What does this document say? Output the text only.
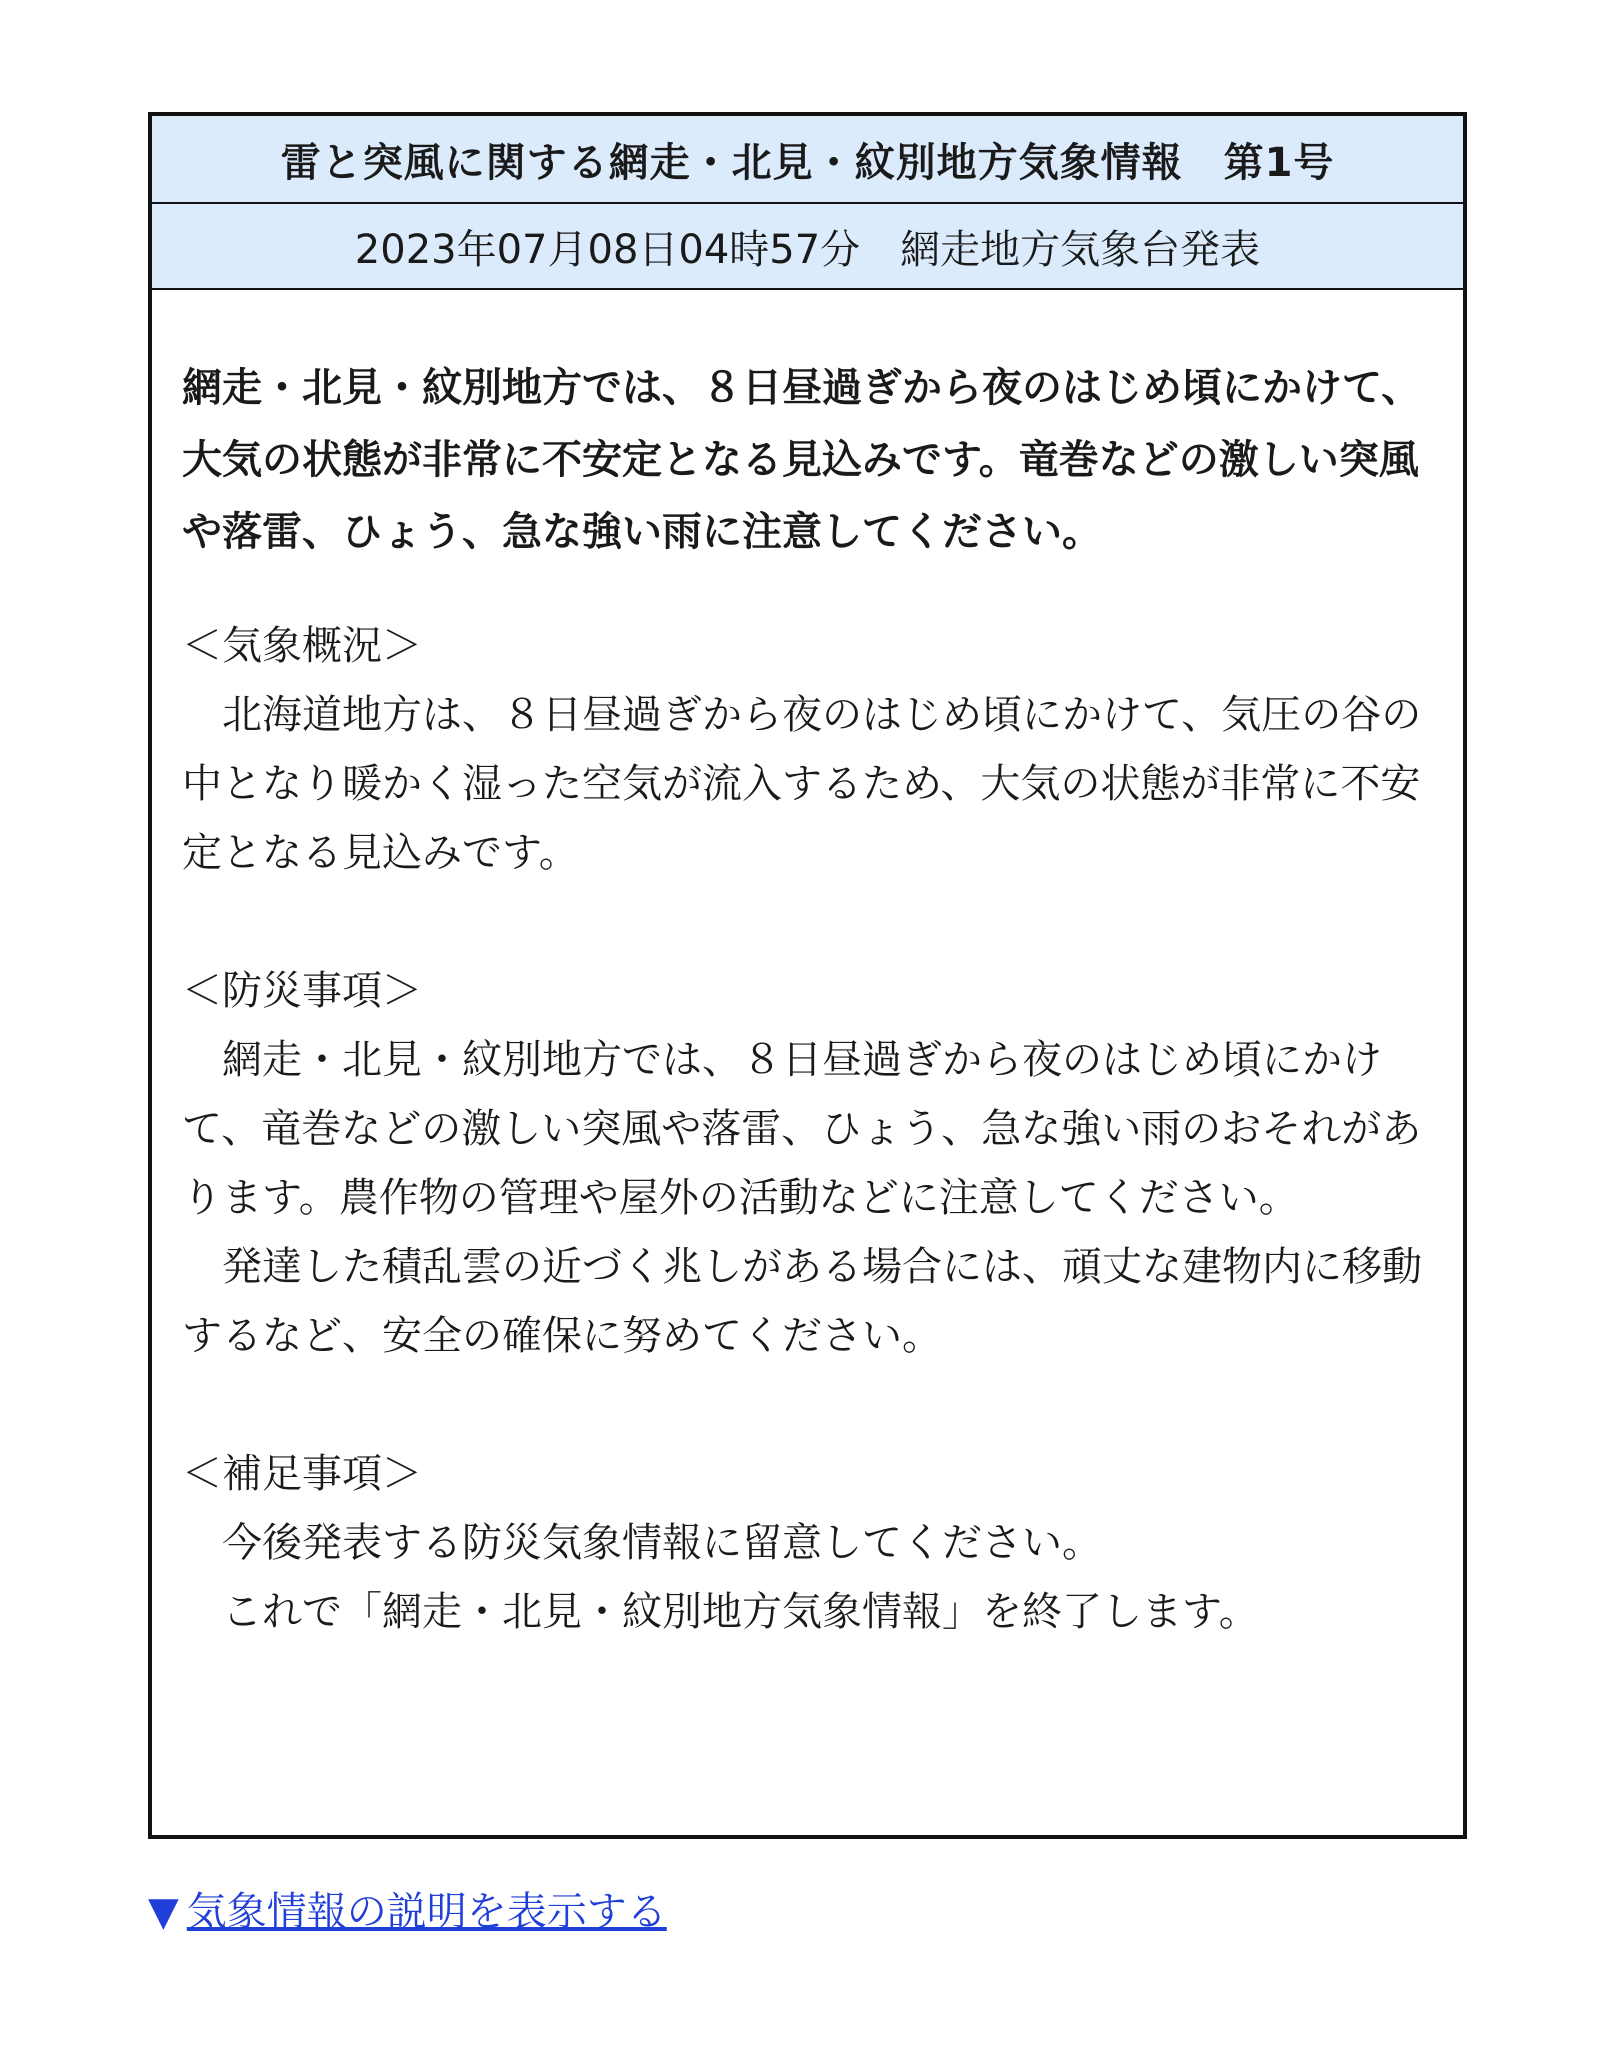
雷と突風に関する網走・北見・紋別地方気象情報　第1号
2023年07月08日04時57分　網走地方気象台発表

網走・北見・紋別地方では、８日昼過ぎから夜のはじめ頃にかけて、大気の状態が非常に不安定となる見込みです。竜巻などの激しい突風や落雷、ひょう、急な強い雨に注意してください。

＜気象概況＞

北海道地方は、８日昼過ぎから夜のはじめ頃にかけて、気圧の谷の中となり暖かく湿った空気が流入するため、大気の状態が非常に不安定となる見込みです。

＜防災事項＞

網走・北見・紋別地方では、８日昼過ぎから夜のはじめ頃にかけて、竜巻などの激しい突風や落雷、ひょう、急な強い雨のおそれがあります。農作物の管理や屋外の活動などに注意してください。

発達した積乱雲の近づく兆しがある場合には、頑丈な建物内に移動するなど、安全の確保に努めてください。

＜補足事項＞

今後発表する防災気象情報に留意してください。

これで「網走・北見・紋別地方気象情報」を終了します。

▼ 気象情報の説明を表示する
